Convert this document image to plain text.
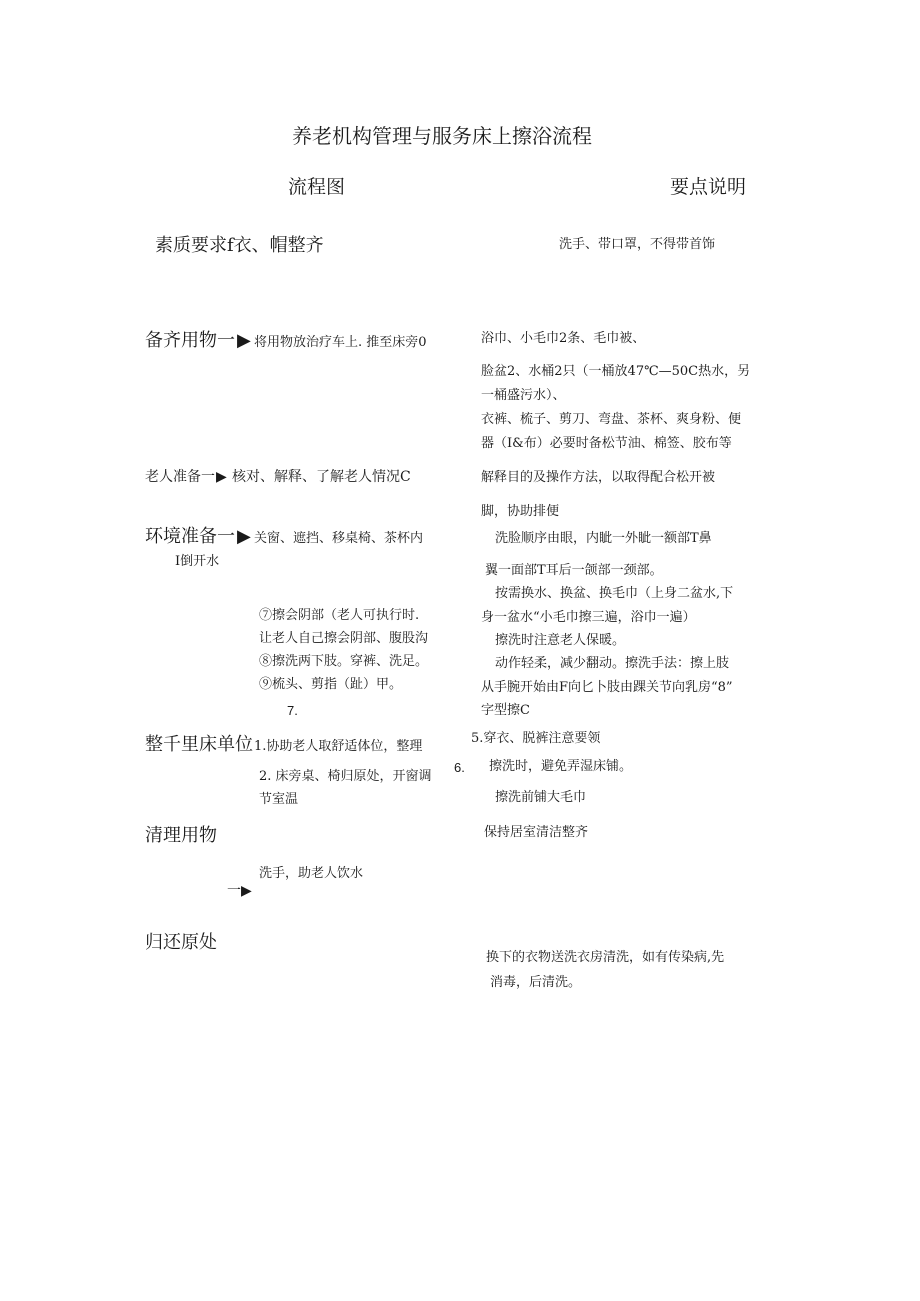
养老机构管理与服务床上擦浴流程
流程图	要点说明
素质要求f衣、帽整齐
备齐用物一 ▶ 将用物放治疗车上. 推至床旁0
老人准备一 ▶ 核对、解释、了解老人情况C
环境准备一 ▶ 关窗、遮挡、移桌椅、茶杯内
I倒开水
⑦擦会阴部（老人可执行时.
让老人自己擦会阴部、腹股沟
⑧擦洗两下肢。穿裤、洗足。
⑨梳头、剪指（趾）甲。
7.
整千里床单位 1.协助老人取舒适体位，整理
2. 床旁桌、椅归原处，开窗调
节室温
清理用物
洗手，助老人饮水
一▶
归还原处
洗手、带口罩，不得带首饰
浴巾、小毛巾2条、毛巾被、
脸盆2、水桶2只（一桶放47℃—50C热水，另
一桶盛污水）、
衣裤、梳子、剪刀、弯盘、茶杯、爽身粉、便
器（I&布）必要时备松节油、棉签、胶布等
解释目的及操作方法，以取得配合松开被
脚，协助排便
洗脸顺序由眼，内眦一外眦一额部T鼻
翼一面部T耳后一颌部一颈部。
按需换水、换盆、换毛巾（上身二盆水,下
身一盆水“小毛巾擦三遍，浴巾一遍）
擦洗时注意老人保暖。
动作轻柔，减少翻动。擦洗手法：擦上肢
从手腕开始由F向匕卜肢由踝关节向乳房“8”
字型擦C
5.穿衣、脱裤注意要领
6. 擦洗时，避免弄湿床铺。
擦洗前铺大毛巾
保持居室清洁整齐
换下的衣物送洗衣房清洗，如有传染病,先
消毒，后清洗。
